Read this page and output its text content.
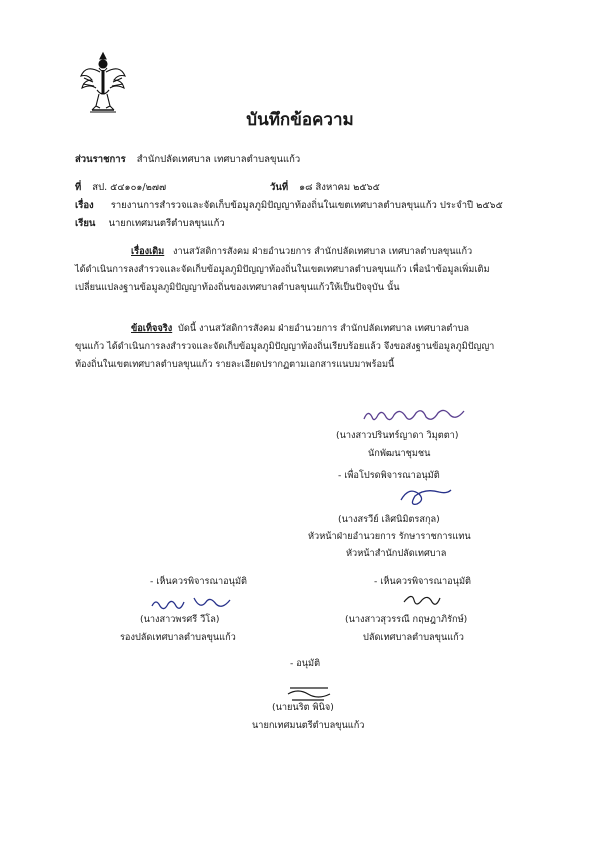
บันทึกข้อความ
ส่วนราชการ สำนักปลัดเทศบาล เทศบาลตำบลขุนแก้ว
ที่ สป. ๕๔๑๐๑/๒๗๗	วันที่ ๑๘ สิงหาคม ๒๕๖๕
เรื่อง รายงานการสำรวจและจัดเก็บข้อมูลภูมิปัญญาท้องถิ่นในเขตเทศบาลตำบลขุนแก้ว ประจำปี ๒๕๖๕
เรียน นายกเทศมนตรีตำบลขุนแก้ว
เรื่องเดิม งานสวัสดิการสังคม ฝ่ายอำนวยการ สำนักปลัดเทศบาล เทศบาลตำบลขุนแก้ว
ได้ดำเนินการลงสำรวจและจัดเก็บข้อมูลภูมิปัญญาท้องถิ่นในเขตเทศบาลตำบลขุนแก้ว เพื่อนำข้อมูลเพิ่มเติม
เปลี่ยนแปลงฐานข้อมูลภูมิปัญญาท้องถิ่นของเทศบาลตำบลขุนแก้วให้เป็นปัจจุบัน นั้น
ข้อเท็จจริง บัดนี้ งานสวัสดิการสังคม ฝ่ายอำนวยการ สำนักปลัดเทศบาล เทศบาลตำบล
ขุนแก้ว ได้ดำเนินการลงสำรวจและจัดเก็บข้อมูลภูมิปัญญาท้องถิ่นเรียบร้อยแล้ว จึงขอส่งฐานข้อมูลภูมิปัญญา
ท้องถิ่นในเขตเทศบาลตำบลขุนแก้ว รายละเอียดปรากฏตามเอกสารแนบมาพร้อมนี้
(นางสาวปรินทร์ญาดา วิมุตตา)
นักพัฒนาชุมชน
- เพื่อโปรดพิจารณาอนุมัติ
(นางสรวีย์ เลิศนิมิตรสกุล)
หัวหน้าฝ่ายอำนวยการ รักษาราชการแทน
หัวหน้าสำนักปลัดเทศบาล
- เห็นควรพิจารณาอนุมัติ
(นางสาวพรศรี วีโล)
รองปลัดเทศบาลตำบลขุนแก้ว
- เห็นควรพิจารณาอนุมัติ
(นางสาวสุวรรณี กฤษฎาภิรักษ์)
ปลัดเทศบาลตำบลขุนแก้ว
- อนุมัติ
(นายนริต พินิจ)
นายกเทศมนตรีตำบลขุนแก้ว
